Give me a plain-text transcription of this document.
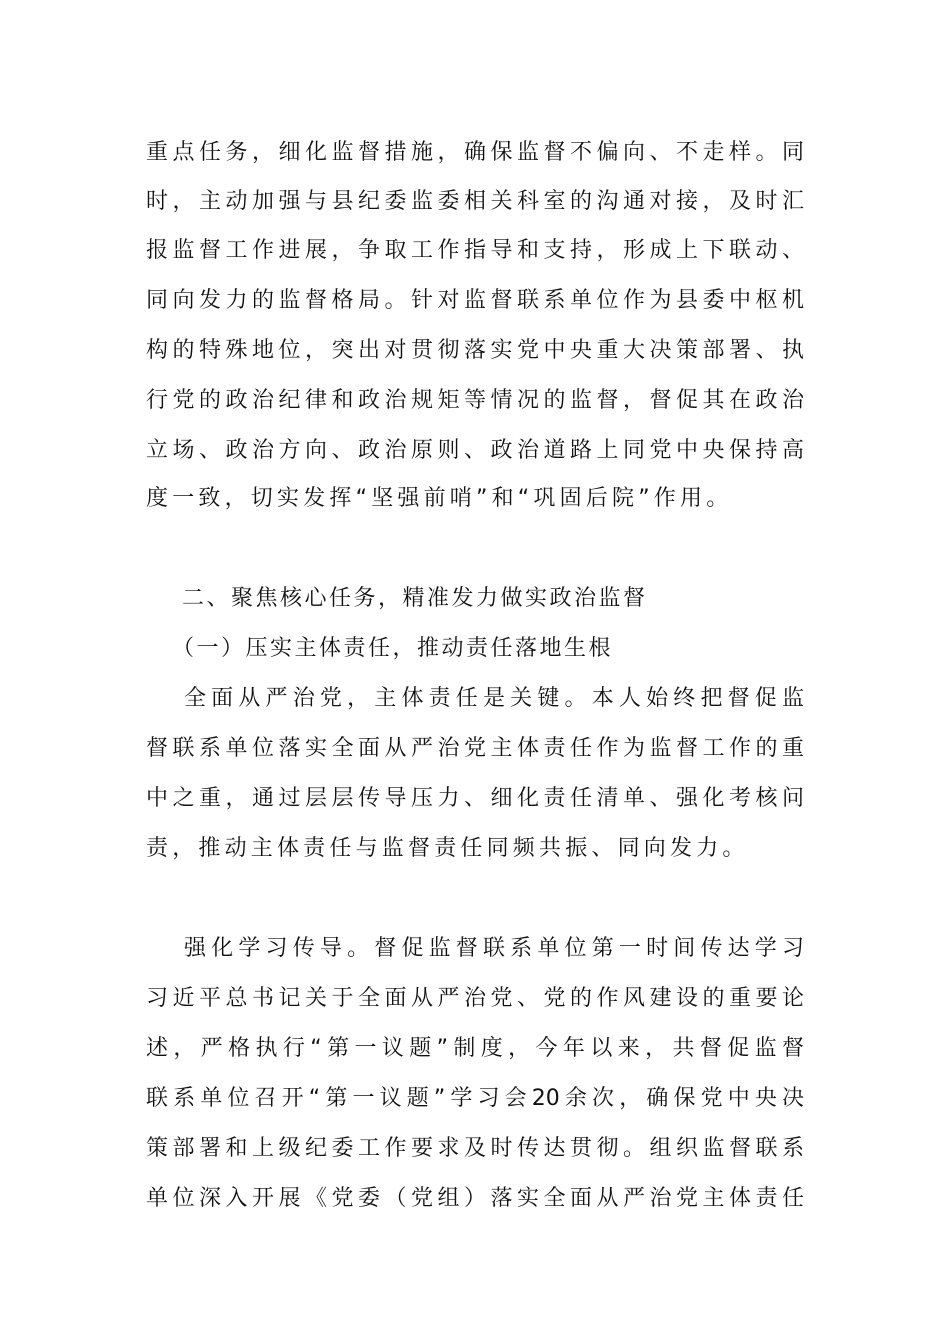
重点任务，细化监督措施，确保监督不偏向、不走样。同
时，主动加强与县纪委监委相关科室的沟通对接，及时汇
报监督工作进展，争取工作指导和支持，形成上下联动、
同向发力的监督格局。针对监督联系单位作为县委中枢机
构的特殊地位，突出对贯彻落实党中央重大决策部署、执
行党的政治纪律和政治规矩等情况的监督，督促其在政治
立场、政治方向、政治原则、政治道路上同党中央保持高
度一致，切实发挥“坚强前哨”和“巩固后院”作用。
二、聚焦核心任务，精准发力做实政治监督
（一）压实主体责任，推动责任落地生根
全面从严治党，主体责任是关键。本人始终把督促监
督联系单位落实全面从严治党主体责任作为监督工作的重
中之重，通过层层传导压力、细化责任清单、强化考核问
责，推动主体责任与监督责任同频共振、同向发力。
强化学习传导。督促监督联系单位第一时间传达学习
习近平总书记关于全面从严治党、党的作风建设的重要论
述，严格执行“第一议题”制度，今年以来，共督促监督
联系单位召开“第一议题”学习会20余次，确保党中央决
策部署和上级纪委工作要求及时传达贯彻。组织监督联系
单位深入开展《党委（党组）落实全面从严治党主体责任
